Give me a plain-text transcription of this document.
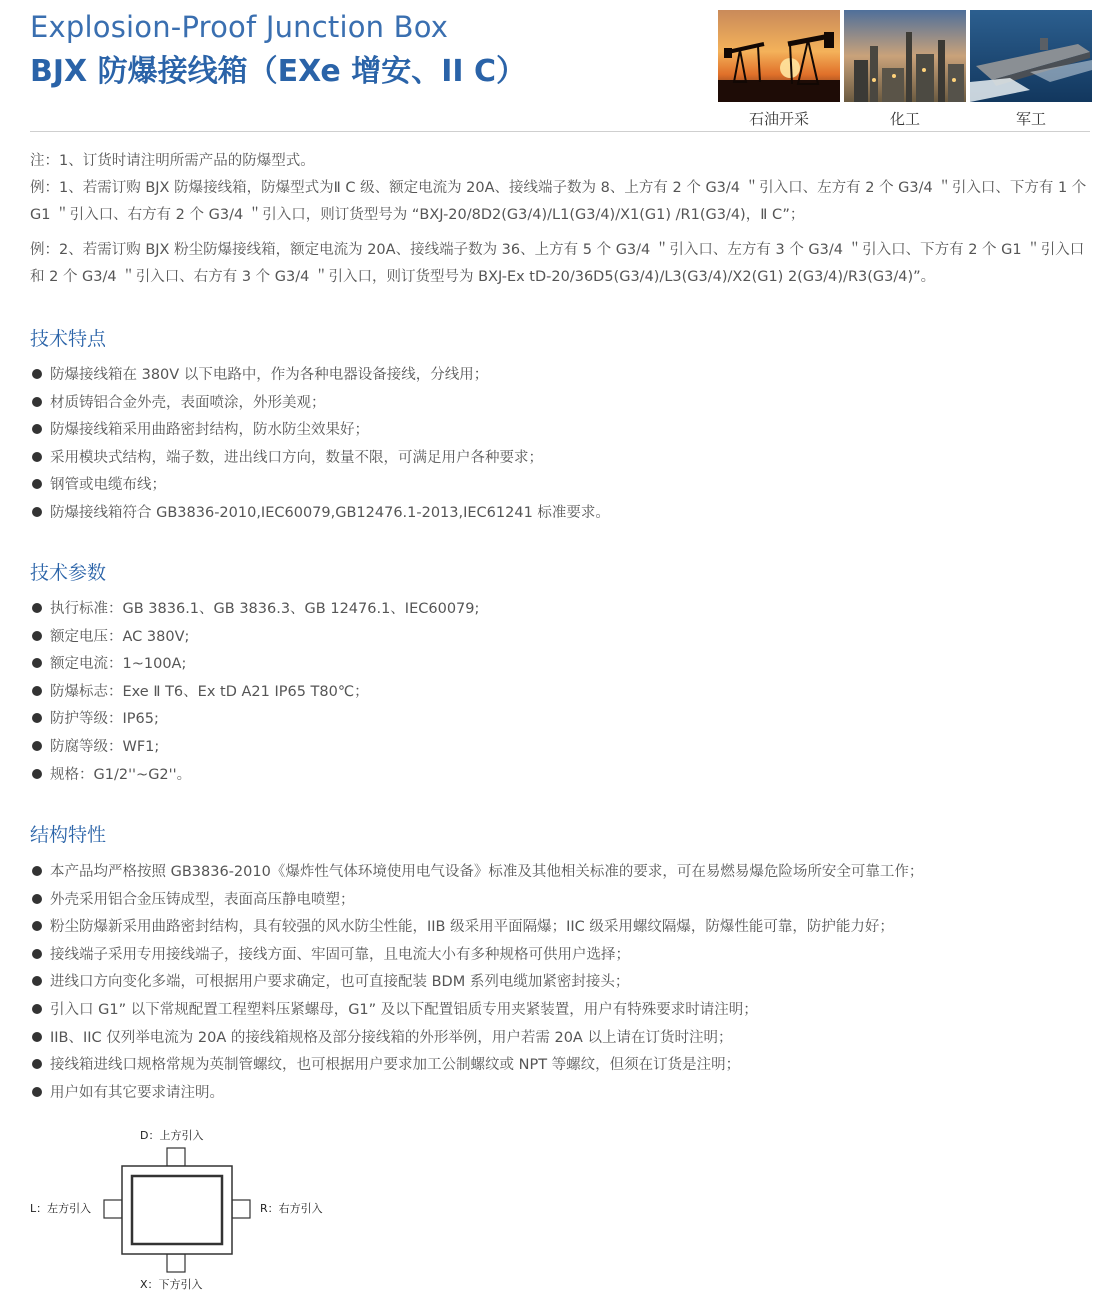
Explosion-Proof Junction Box
BJX 防爆接线箱（EXe 增安、II C）
石油开采	化工	军工

注：1、订货时请注明所需产品的防爆型式。

例：1、若需订购 BJX 防爆接线箱，防爆型式为Ⅱ C 级、额定电流为 20A、接线端子数为 8、上方有 2 个 G3/4 ＂引入口、左方有 2 个 G3/4 ＂引入口、下方有 1 个 G1 ＂引入口、右方有 2 个 G3/4 ＂引入口，则订货型号为 “BXJ-20/8D2(G3/4)/L1(G3/4)/X1(G1) /R1(G3/4)，Ⅱ C”；

例：2、若需订购 BJX 粉尘防爆接线箱，额定电流为 20A、接线端子数为 36、上方有 5 个 G3/4 ＂引入口、左方有 3 个 G3/4 ＂引入口、下方有 2 个 G1 ＂引入口和 2 个 G3/4 ＂引入口、右方有 3 个 G3/4 ＂引入口，则订货型号为 BXJ-Ex tD-20/36D5(G3/4)/L3(G3/4)/X2(G1) 2(G3/4)/R3(G3/4)”。

技术特点
防爆接线箱在 380V 以下电路中，作为各种电器设备接线，分线用；
材质铸铝合金外壳，表面喷涂，外形美观；
防爆接线箱采用曲路密封结构，防水防尘效果好；
采用模块式结构，端子数，进出线口方向，数量不限，可满足用户各种要求；
钢管或电缆布线；
防爆接线箱符合 GB3836-2010,IEC60079,GB12476.1-2013,IEC61241 标准要求。
技术参数
执行标准：GB 3836.1、GB 3836.3、GB 12476.1、IEC60079;
额定电压：AC 380V;
额定电流：1~100A;
防爆标志：Exe Ⅱ T6、Ex tD A21 IP65 T80℃；
防护等级：IP65;
防腐等级：WF1;
规格：G1/2''~G2''。
结构特性
本产品均严格按照 GB3836-2010《爆炸性气体环境使用电气设备》标准及其他相关标准的要求，可在易燃易爆危险场所安全可靠工作；
外壳采用铝合金压铸成型，表面高压静电喷塑；
粉尘防爆新采用曲路密封结构，具有较强的风水防尘性能，IIB 级采用平面隔爆；IIC 级采用螺纹隔爆，防爆性能可靠，防护能力好；
接线端子采用专用接线端子，接线方面、牢固可靠，且电流大小有多种规格可供用户选择；
进线口方向变化多端，可根据用户要求确定，也可直接配装 BDM 系列电缆加紧密封接头；
引入口 G1” 以下常规配置工程塑料压紧螺母，G1” 及以下配置铝质专用夹紧装置，用户有特殊要求时请注明；
IIB、IIC 仅列举电流为 20A 的接线箱规格及部分接线箱的外形举例，用户若需 20A 以上请在订货时注明；
接线箱进线口规格常规为英制管螺纹，也可根据用户要求加工公制螺纹或 NPT 等螺纹，但须在订货是注明；
用户如有其它要求请注明。
D：上方引入
L：左方引入	R：右方引入
X：下方引入
